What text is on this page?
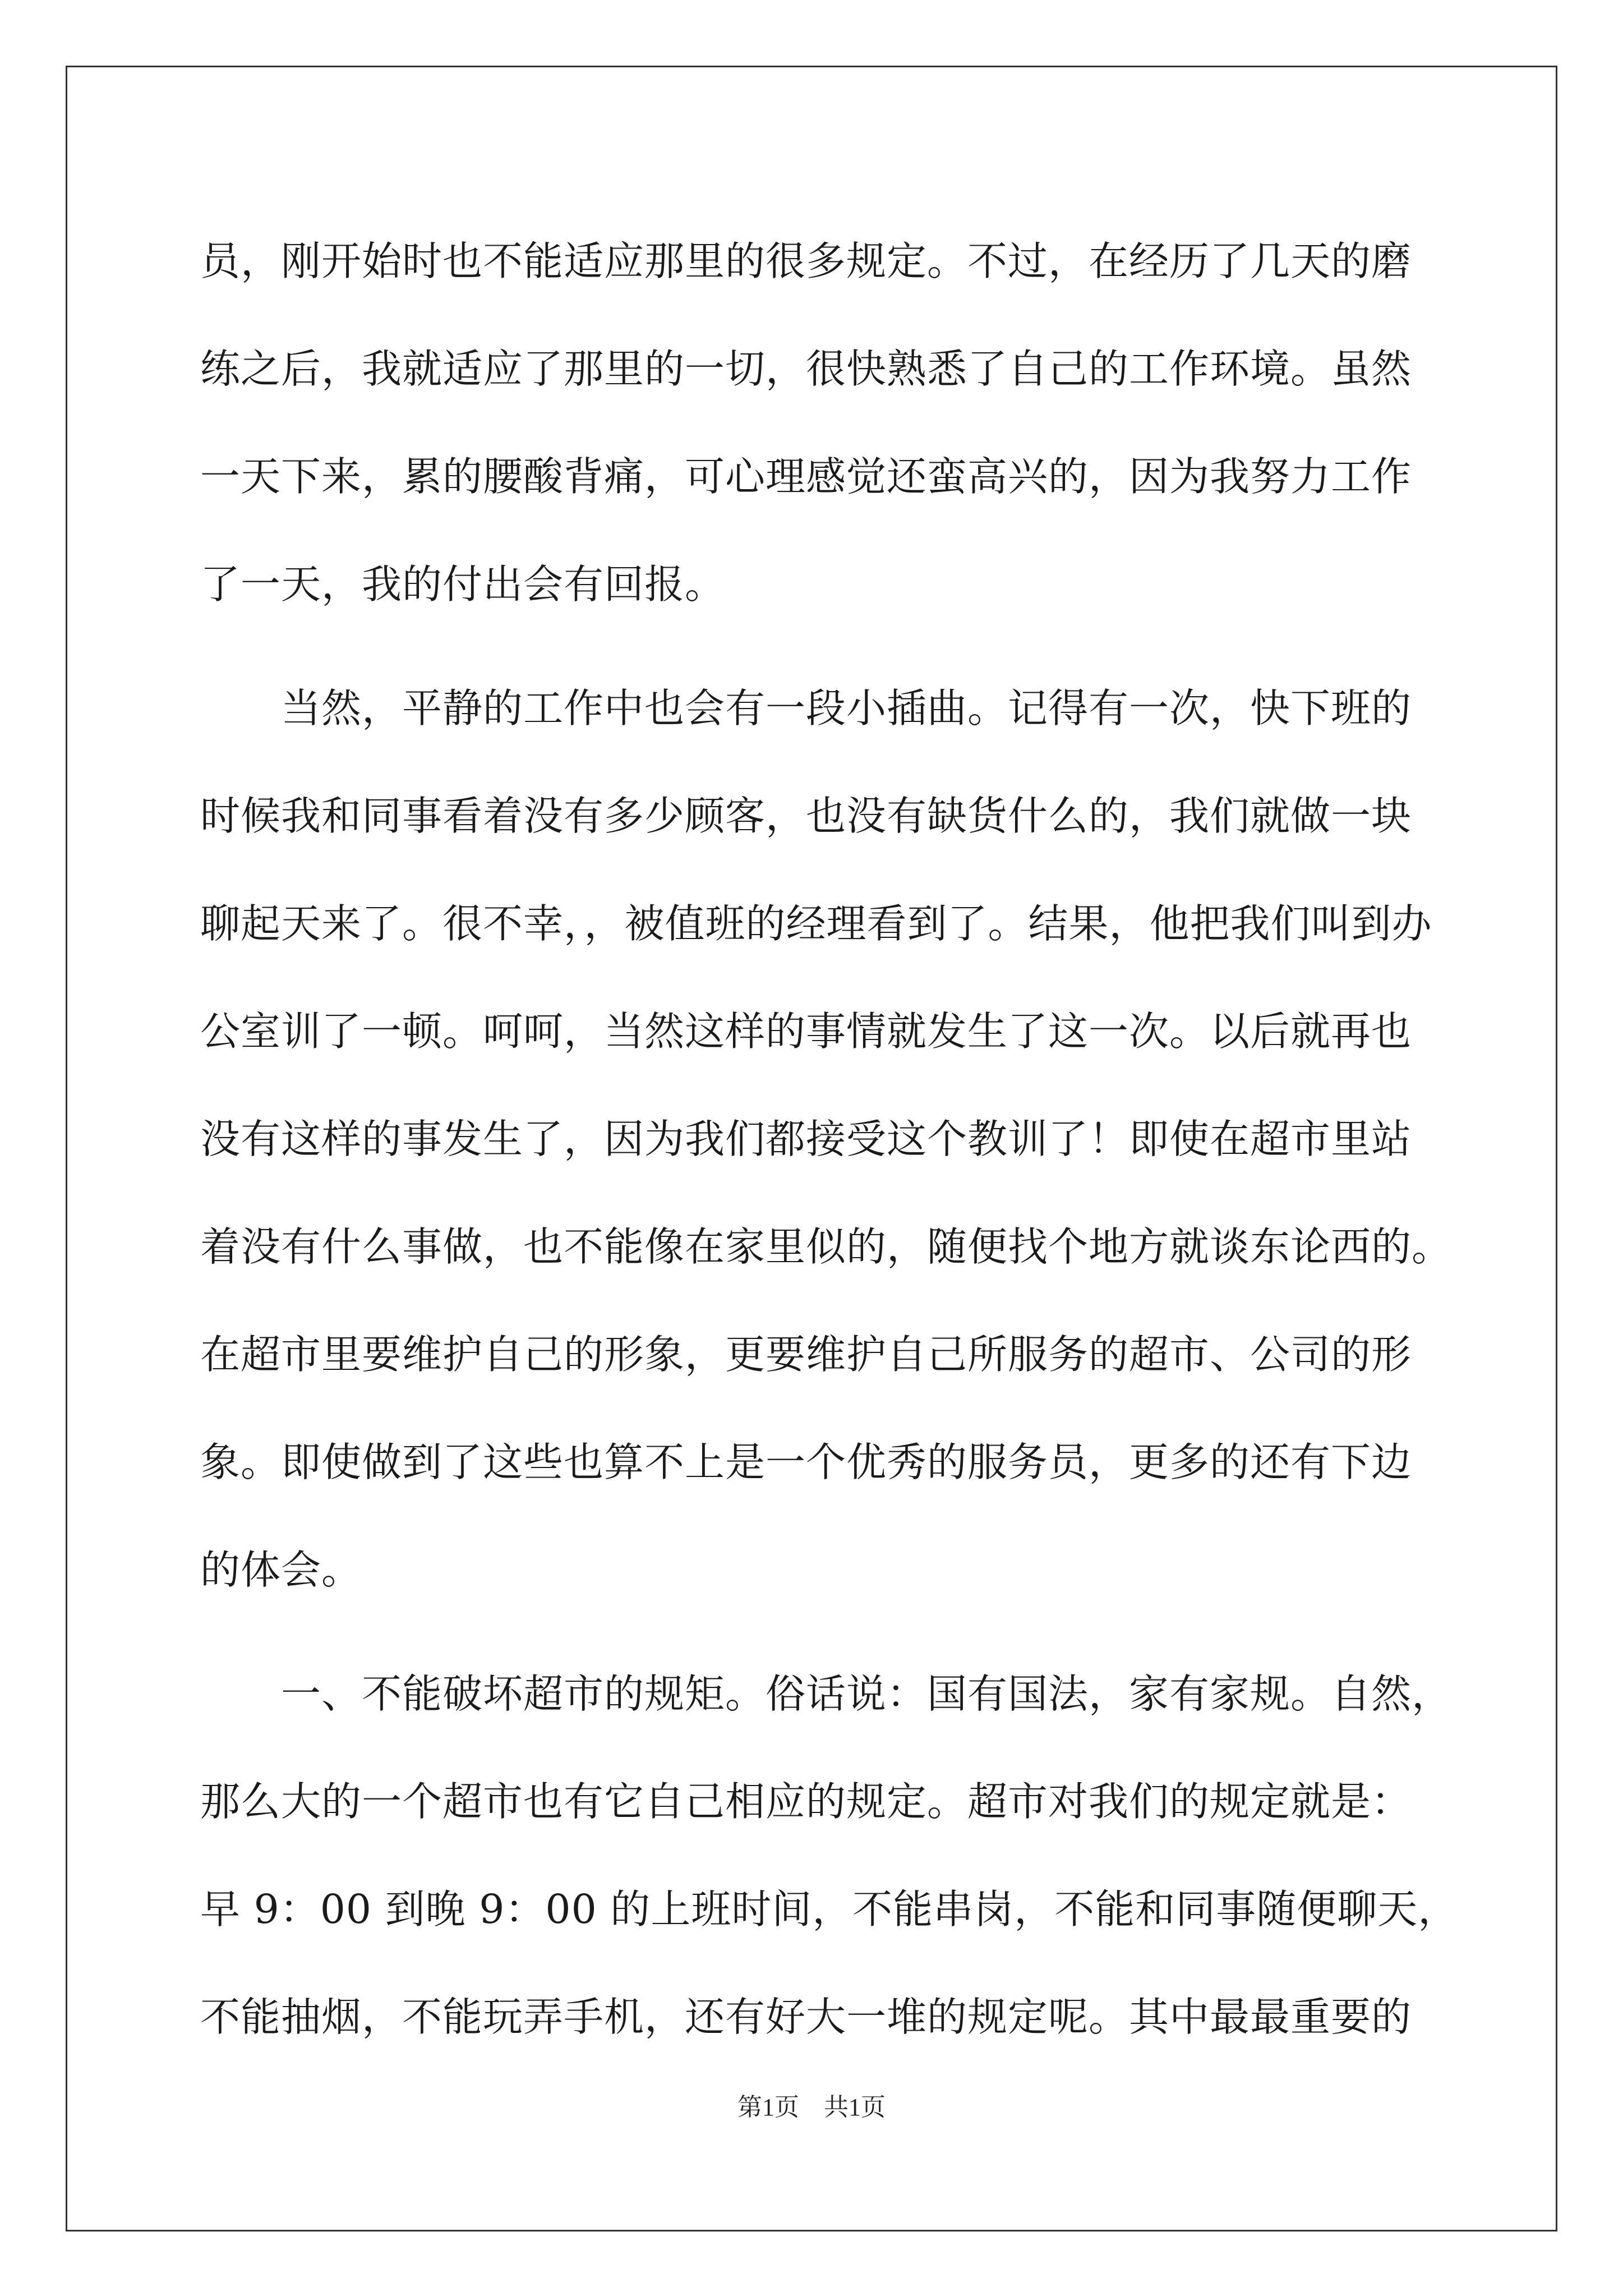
员，刚开始时也不能适应那里的很多规定。不过，在经历了几天的磨
练之后，我就适应了那里的一切，很快熟悉了自己的工作环境。虽然
一天下来，累的腰酸背痛，可心理感觉还蛮高兴的，因为我努力工作
了一天，我的付出会有回报。
　　当然，平静的工作中也会有一段小插曲。记得有一次，快下班的
时候我和同事看着没有多少顾客，也没有缺货什么的，我们就做一块
聊起天来了。很不幸，，被值班的经理看到了。结果，他把我们叫到办
公室训了一顿。呵呵，当然这样的事情就发生了这一次。以后就再也
没有这样的事发生了，因为我们都接受这个教训了！即使在超市里站
着没有什么事做，也不能像在家里似的，随便找个地方就谈东论西的。
在超市里要维护自己的形象，更要维护自己所服务的超市、公司的形
象。即使做到了这些也算不上是一个优秀的服务员，更多的还有下边
的体会。
　　一、不能破坏超市的规矩。俗话说：国有国法，家有家规。自然，
那么大的一个超市也有它自己相应的规定。超市对我们的规定就是：
早 9：00 到晚 9：00 的上班时间，不能串岗，不能和同事随便聊天，
不能抽烟，不能玩弄手机，还有好大一堆的规定呢。其中最最重要的
第1页　共1页
